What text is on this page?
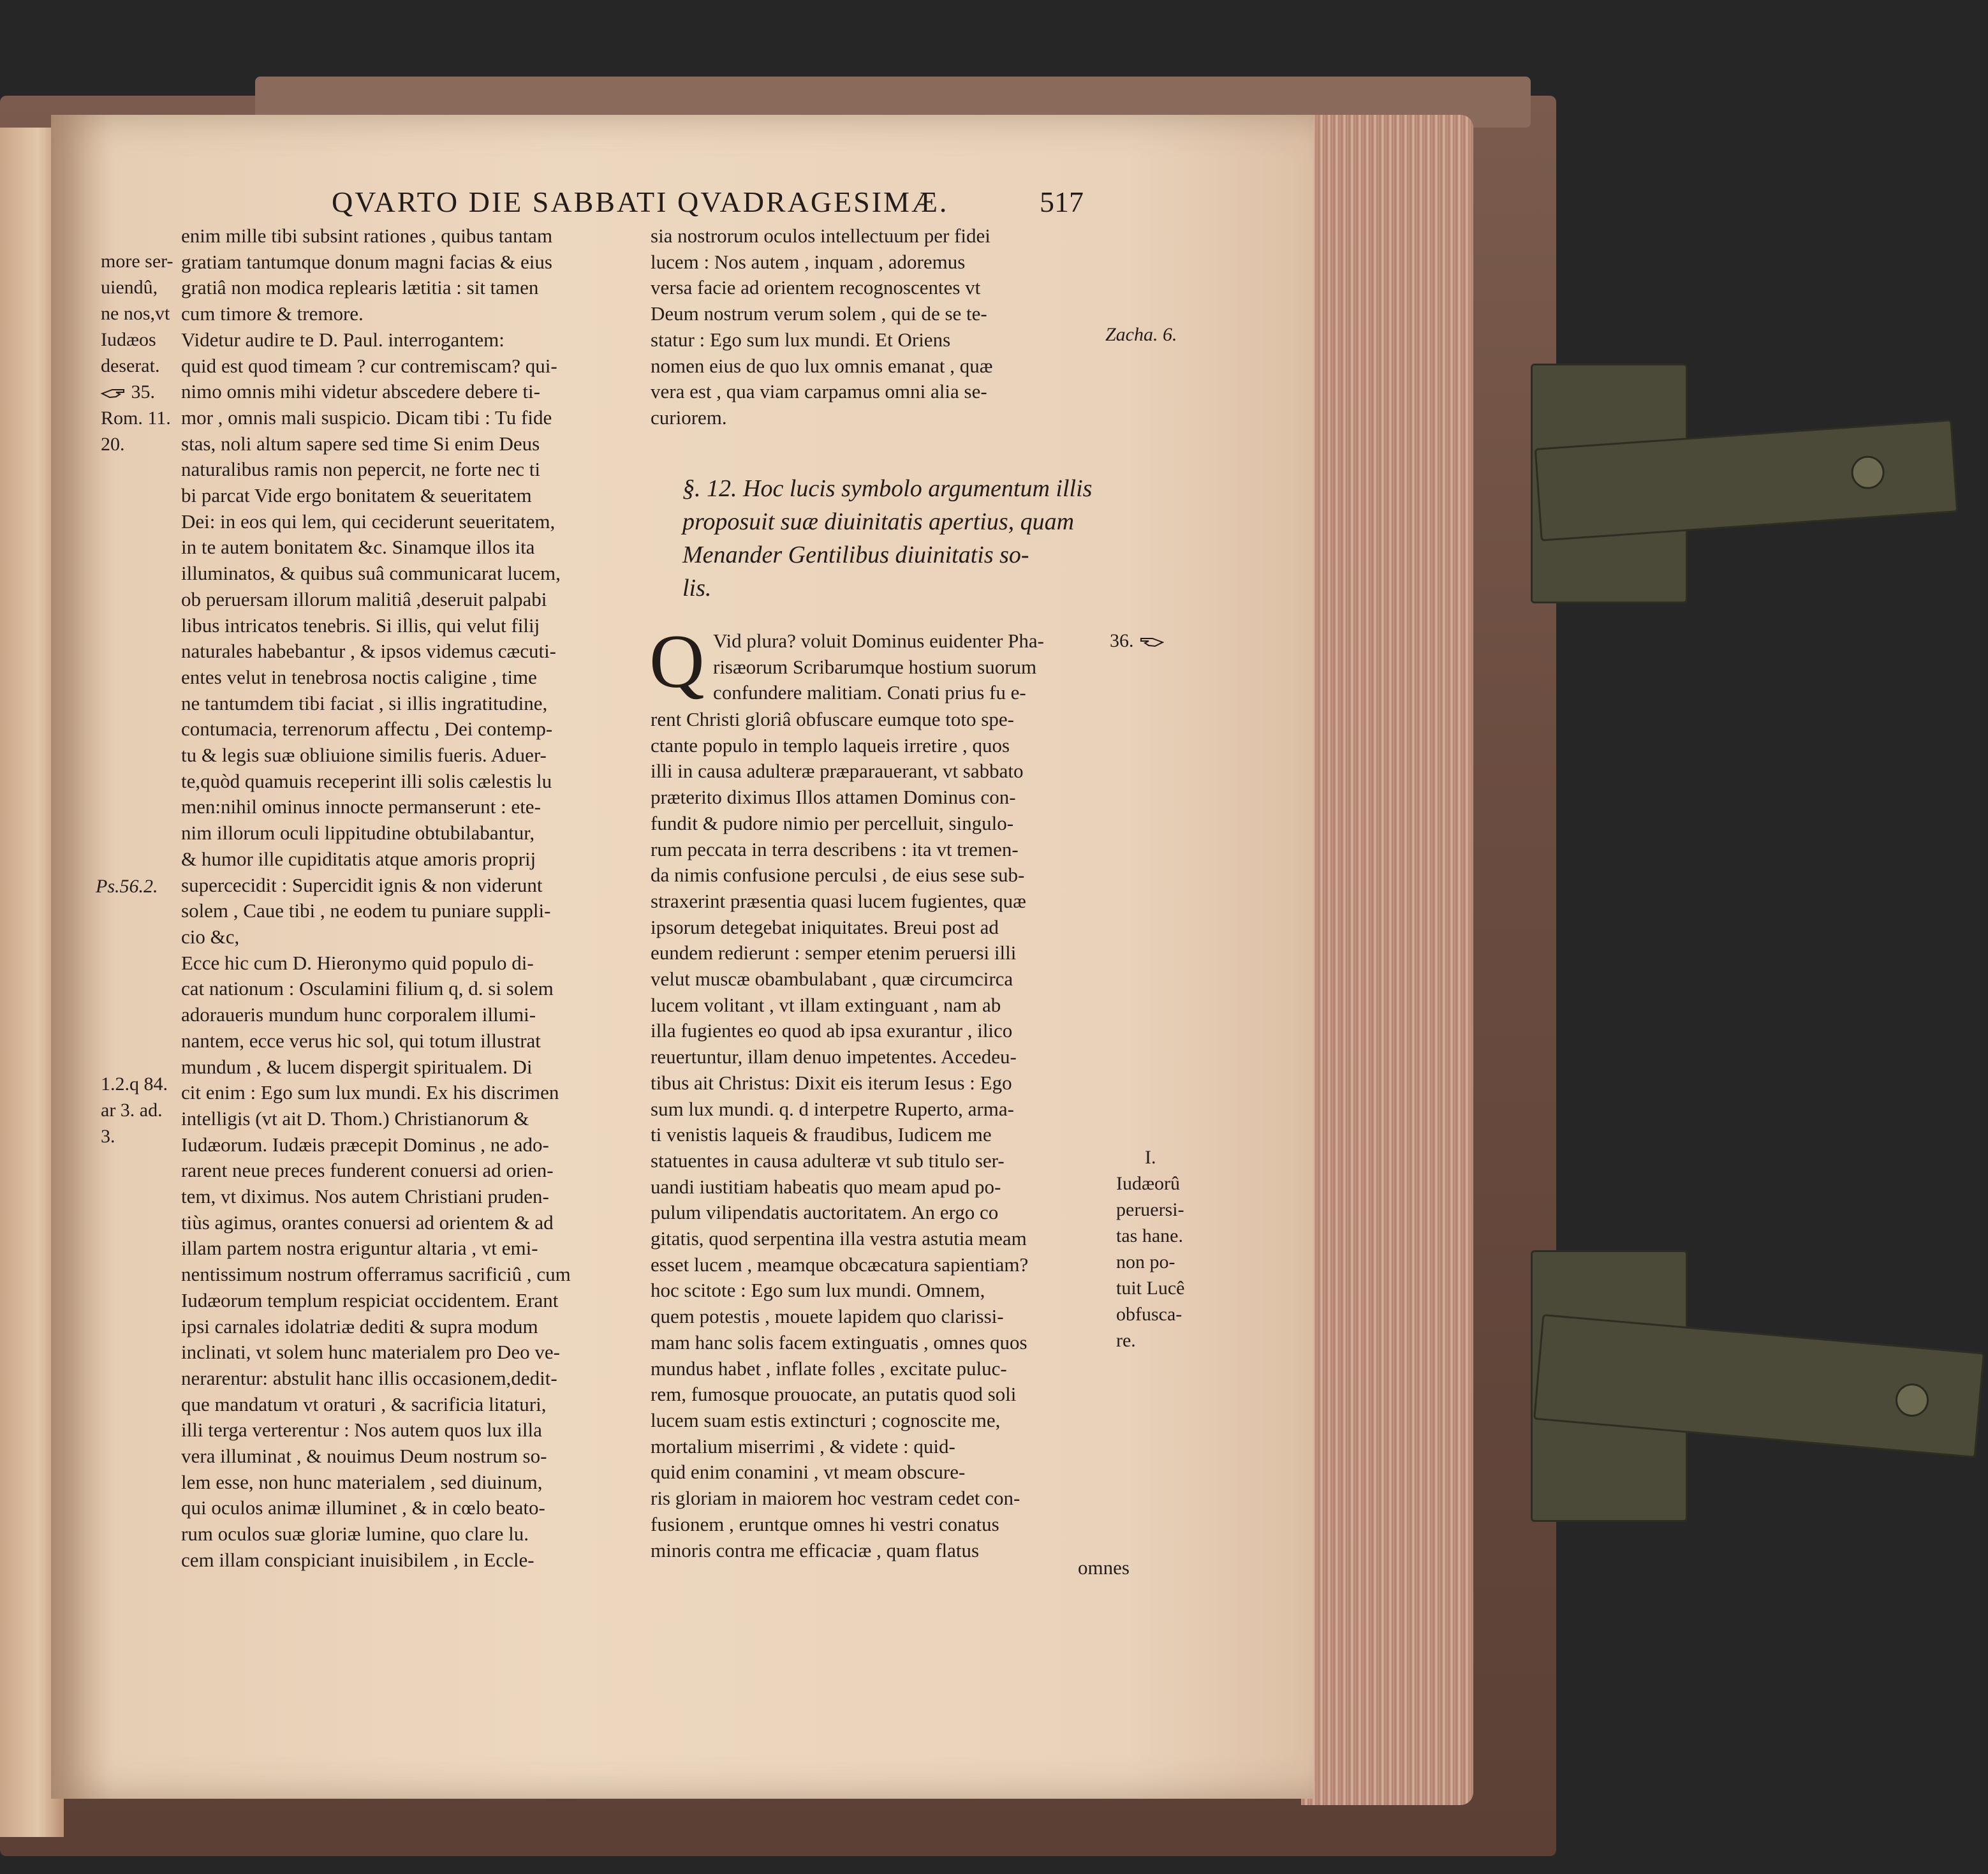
QVARTO DIE SABBATI QVADRAGESIMÆ.	517
more ser-
uiendû,
ne nos,vt
Iudæos
deserat.
35.
Rom. 11.
20.
Ps.56.2.
1.2.q 84.
ar 3. ad.
3.
enim mille tibi subsint rationes , quibus tantam
gratiam tantumque donum magni facias & eius
gratiâ non modica replearis lætitia : sit tamen
cum timore & tremore.
Videtur audire te D. Paul. interrogantem:
quid est quod timeam ? cur contremiscam? qui-
nimo omnis mihi videtur abscedere debere ti-
mor , omnis mali suspicio. Dicam tibi : Tu fide
stas, noli altum sapere sed time Si enim Deus
naturalibus ramis non pepercit, ne forte nec ti
bi parcat Vide ergo bonitatem & seueritatem
Dei: in eos qui lem, qui ceciderunt seueritatem,
in te autem bonitatem &c. Sinamque illos ita
illuminatos, & quibus suâ communicarat lucem,
ob peruersam illorum malitiâ ,deseruit palpabi
libus intricatos tenebris. Si illis, qui velut filij
naturales habebantur , & ipsos videmus cæcuti-
entes velut in tenebrosa noctis caligine , time
ne tantumdem tibi faciat , si illis ingratitudine,
contumacia, terrenorum affectu , Dei contemp-
tu & legis suæ obliuione similis fueris. Aduer-
te,quòd quamuis receperint illi solis cælestis lu
men:nihil ominus innocte permanserunt : ete-
nim illorum oculi lippitudine obtubilabantur,
& humor ille cupiditatis atque amoris proprij
supercecidit : Supercidit ignis & non viderunt
solem , Caue tibi , ne eodem tu puniare suppli-
cio &c,
Ecce hic cum D. Hieronymo quid populo di-
cat nationum : Osculamini filium q, d. si solem
adoraueris mundum hunc corporalem illumi-
nantem, ecce verus hic sol, qui totum illustrat
mundum , & lucem dispergit spiritualem. Di
cit enim : Ego sum lux mundi. Ex his discrimen
intelligis (vt ait D. Thom.) Christianorum &
Iudæorum. Iudæis præcepit Dominus , ne ado-
rarent neue preces funderent conuersi ad orien-
tem, vt diximus. Nos autem Christiani pruden-
tiùs agimus, orantes conuersi ad orientem & ad
illam partem nostra eriguntur altaria , vt emi-
nentissimum nostrum offerramus sacrificiû , cum
Iudæorum templum respiciat occidentem. Erant
ipsi carnales idolatriæ dediti & supra modum
inclinati, vt solem hunc materialem pro Deo ve-
nerarentur: abstulit hanc illis occasionem,dedit-
que mandatum vt oraturi , & sacrificia litaturi,
illi terga verterentur : Nos autem quos lux illa
vera illuminat , & nouimus Deum nostrum so-
lem esse, non hunc materialem , sed diuinum,
qui oculos animæ illuminet , & in cœlo beato-
rum oculos suæ gloriæ lumine, quo clare lu.
cem illam conspiciant inuisibilem , in Eccle-
sia nostrorum oculos intellectuum per fidei
lucem : Nos autem , inquam , adoremus
versa facie ad orientem recognoscentes vt
Deum nostrum verum solem , qui de se te-
statur : Ego sum lux mundi. Et Oriens
nomen eius de quo lux omnis emanat , quæ
vera est , qua viam carpamus omni alia se-
curiorem.
§. 12. Hoc lucis symbolo argumentum illis
proposuit suæ diuinitatis apertius, quam
Menander Gentilibus diuinitatis so-
lis.
Q Vid plura? voluit Dominus euidenter Pha-
risæorum Scribarumque hostium suorum
confundere malitiam. Conati prius fu e-
rent Christi gloriâ obfuscare eumque toto spe-
ctante populo in templo laqueis irretire , quos
illi in causa adulteræ præparauerant, vt sabbato
præterito diximus Illos attamen Dominus con-
fundit & pudore nimio per percelluit, singulo-
rum peccata in terra describens : ita vt tremen-
da nimis confusione perculsi , de eius sese sub-
straxerint præsentia quasi lucem fugientes, quæ
ipsorum detegebat iniquitates. Breui post ad
eundem redierunt : semper etenim peruersi illi
velut muscæ obambulabant , quæ circumcirca
lucem volitant , vt illam extinguant , nam ab
illa fugientes eo quod ab ipsa exurantur , ilico
reuertuntur, illam denuo impetentes. Accedeu-
tibus ait Christus: Dixit eis iterum Iesus : Ego
sum lux mundi. q. d interpetre Ruperto, arma-
ti venistis laqueis & fraudibus, Iudicem me
statuentes in causa adulteræ vt sub titulo ser-
uandi iustitiam habeatis quo meam apud po-
pulum vilipendatis auctoritatem. An ergo co
gitatis, quod serpentina illa vestra astutia meam
esset lucem , meamque obcæcatura sapientiam?
hoc scitote : Ego sum lux mundi. Omnem,
quem potestis , mouete lapidem quo clarissi-
mam hanc solis facem extinguatis , omnes quos
mundus habet , inflate folles , excitate puluc-
rem, fumosque prouocate, an putatis quod soli
lucem suam estis extincturi ; cognoscite me,
mortalium miserrimi , & videte : quid-
quid enim conamini , vt meam obscure-
ris gloriam in maiorem hoc vestram cedet con-
fusionem , eruntque omnes hi vestri conatus
minoris contra me efficaciæ , quam flatus
omnes
Zacha. 6.
36.
I.
Iudæorû
peruersi-
tas hane.
non po-
tuit Lucê
obfusca-
re.
